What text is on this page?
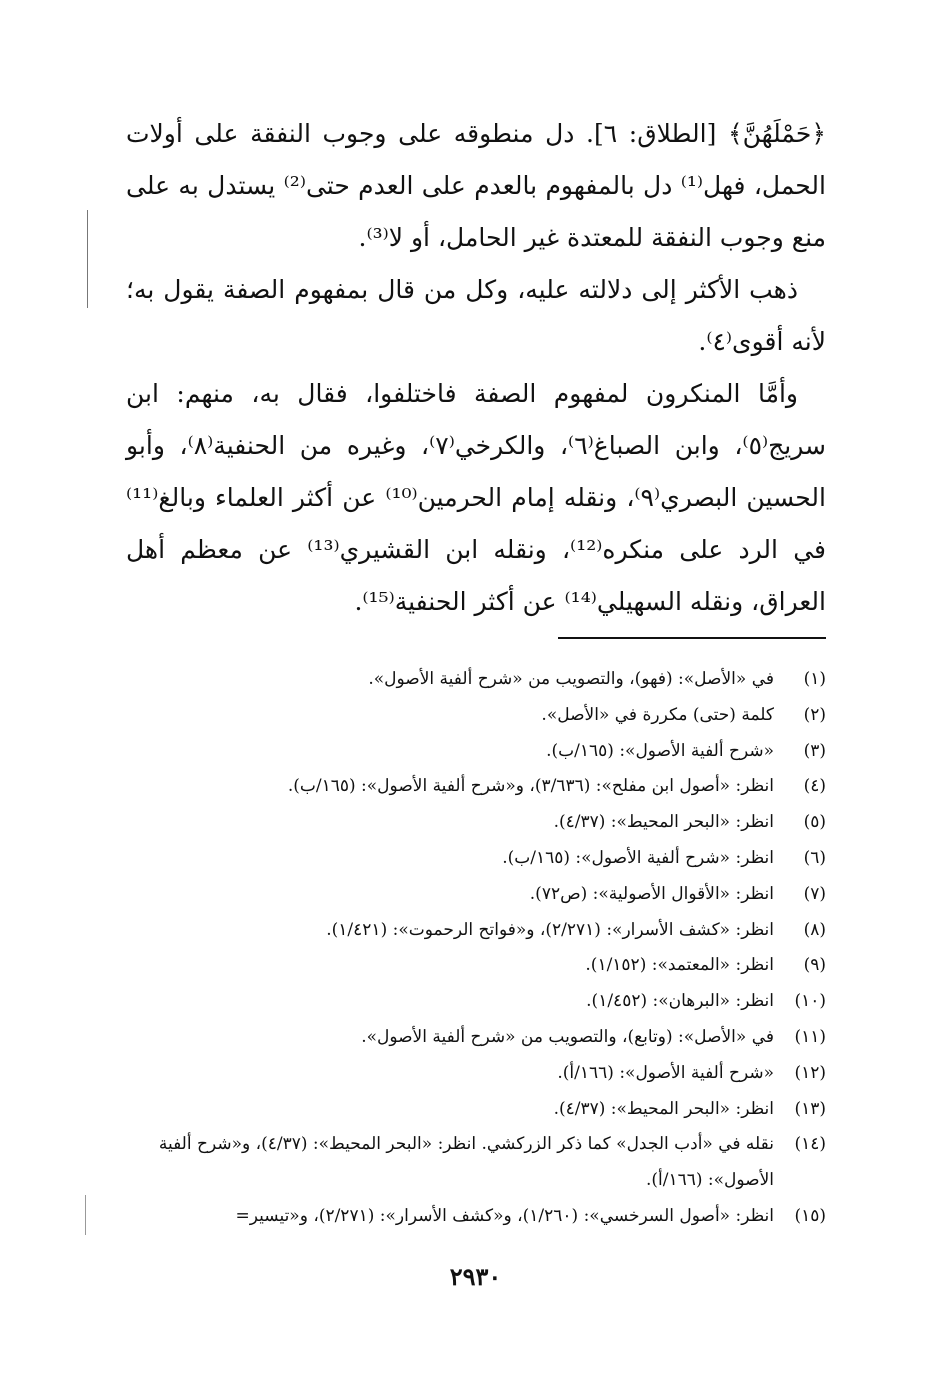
﴿حَمْلَهُنَّ﴾ [الطلاق: ٦]. دل منطوقه على وجوب النفقة على أولات الحمل، فهل⁽¹⁾ دل بالمفهوم بالعدم على العدم حتى⁽²⁾ يستدل به على منع وجوب النفقة للمعتدة غير الحامل، أو لا⁽³⁾.

ذهب الأكثر إلى دلالته عليه، وكل من قال بمفهوم الصفة يقول به؛ لأنه أقوى⁽٤⁾.

وأمَّا المنكرون لمفهوم الصفة فاختلفوا، فقال به، منهم: ابن سريج⁽٥⁾، وابن الصباغ⁽٦⁾، والكرخي⁽٧⁾، وغيره من الحنفية⁽٨⁾، وأبو الحسين البصري⁽٩⁾، ونقله إمام الحرمين⁽¹⁰⁾ عن أكثر العلماء وبالغ⁽¹¹⁾ في الرد على منكره⁽¹²⁾، ونقله ابن القشيري⁽¹³⁾ عن معظم أهل العراق، ونقله السهيلي⁽¹⁴⁾ عن أكثر الحنفية⁽¹⁵⁾.

(١)
في «الأصل»: (فهو)، والتصويب من «شرح ألفية الأصول».
(٢)
كلمة (حتى) مكررة في «الأصل».
(٣)
«شرح ألفية الأصول»: (١٦٥/ب).
(٤)
انظر: «أصول ابن مفلح»: (٣/٦٣٦)، و«شرح ألفية الأصول»: (١٦٥/ب).
(٥)
انظر: «البحر المحيط»: (٤/٣٧).
(٦)
انظر: «شرح ألفية الأصول»: (١٦٥/ب).
(٧)
انظر: «الأقوال الأصولية»: (ص٧٢).
(٨)
انظر: «كشف الأسرار»: (٢/٢٧١)، و«فواتح الرحموت»: (١/٤٢١).
(٩)
انظر: «المعتمد»: (١/١٥٢).
(١٠)
انظر: «البرهان»: (١/٤٥٢).
(١١)
في «الأصل»: (وتابع)، والتصويب من «شرح ألفية الأصول».
(١٢)
«شرح ألفية الأصول»: (١٦٦/أ).
(١٣)
انظر: «البحر المحيط»: (٤/٣٧).
(١٤)
نقله في «أدب الجدل» كما ذكر الزركشي. انظر: «البحر المحيط»: (٤/٣٧)، و«شرح ألفية الأصول»: (١٦٦/أ).
(١٥)
انظر: «أصول السرخسي»: (١/٢٦٠)، و«كشف الأسرار»: (٢/٢٧١)، و«تيسير=
٢٩٣٠
